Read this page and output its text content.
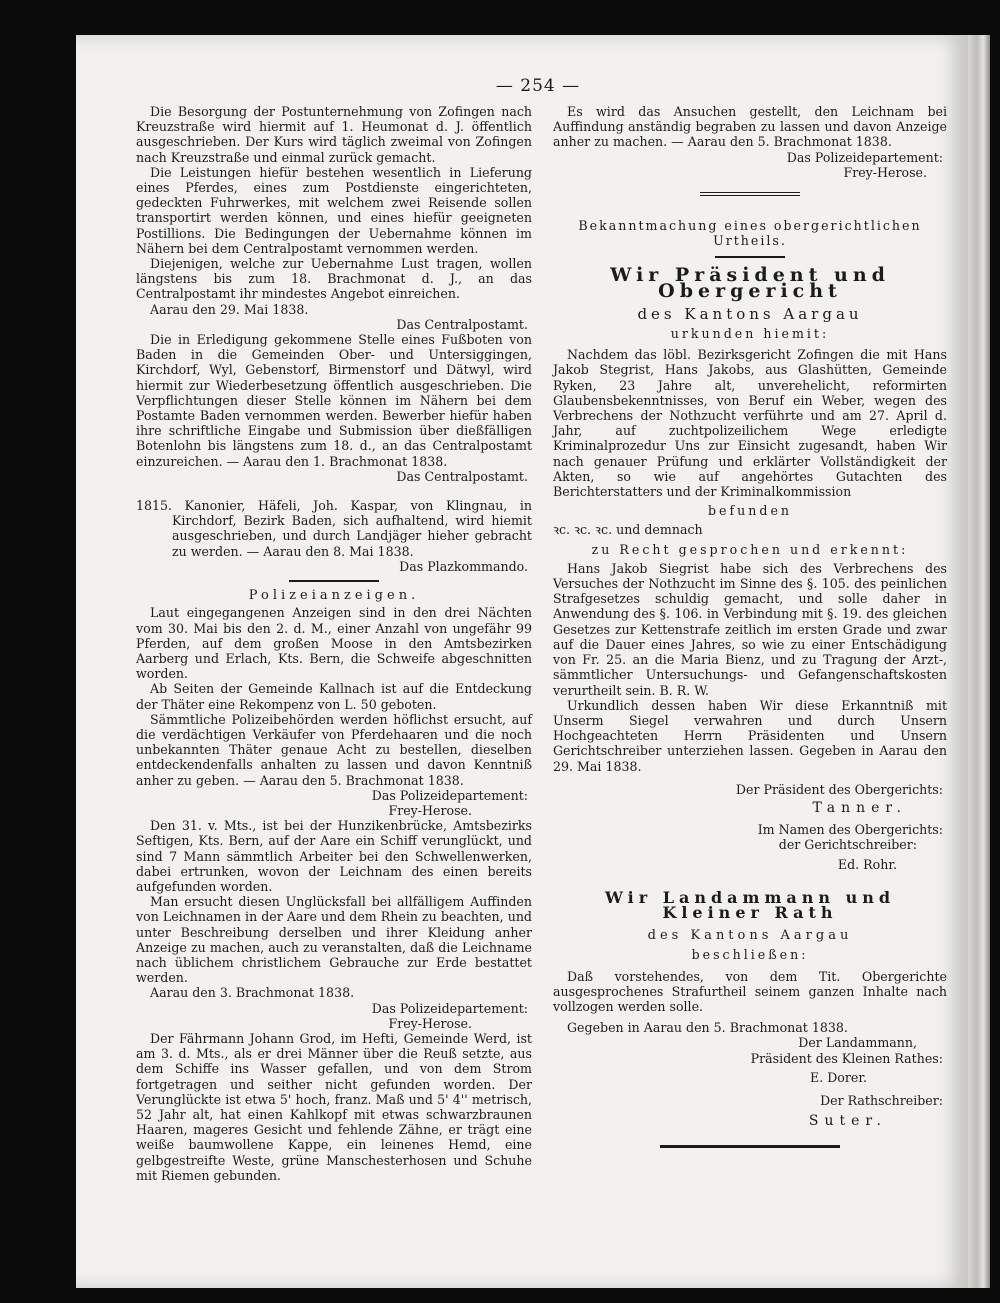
— 254 —

Die Besorgung der Postunternehmung von Zofingen nach Kreuzstraße wird hiermit auf 1. Heumonat d. J. öffentlich ausgeschrieben. Der Kurs wird täglich zweimal von Zofingen nach Kreuzstraße und einmal zurück gemacht.

Die Leistungen hiefür bestehen wesentlich in Lieferung eines Pferdes, eines zum Postdienste eingerichteten, gedeckten Fuhrwerkes, mit welchem zwei Reisende sollen transportirt werden können, und eines hiefür geeigneten Postillions. Die Bedingungen der Uebernahme können im Nähern bei dem Centralpostamt vernommen werden.

Diejenigen, welche zur Uebernahme Lust tragen, wollen längstens bis zum 18. Brachmonat d. J., an das Centralpostamt ihr mindestes Angebot einreichen.

Aarau den 29. Mai 1838.

Das Centralpostamt.

Die in Erledigung gekommene Stelle eines Fußboten von Baden in die Gemeinden Ober- und Untersiggingen, Kirchdorf, Wyl, Gebenstorf, Birmenstorf und Dätwyl, wird hiermit zur Wiederbesetzung öffentlich ausgeschrieben. Die Verpflichtungen dieser Stelle können im Nähern bei dem Postamte Baden vernommen werden. Bewerber hiefür haben ihre schriftliche Eingabe und Submission über dießfälligen Botenlohn bis längstens zum 18. d., an das Centralpostamt einzureichen. — Aarau den 1. Brachmonat 1838.

Das Centralpostamt.

1815. Kanonier, Häfeli, Joh. Kaspar, von Klingnau, in Kirchdorf, Bezirk Baden, sich aufhaltend, wird hiemit ausgeschrieben, und durch Landjäger hieher gebracht zu werden. — Aarau den 8. Mai 1838.

Das Plazkommando.

Polizeianzeigen.

Laut eingegangenen Anzeigen sind in den drei Nächten vom 30. Mai bis den 2. d. M., einer Anzahl von ungefähr 99 Pferden, auf dem großen Moose in den Amtsbezirken Aarberg und Erlach, Kts. Bern, die Schweife abgeschnitten worden.

Ab Seiten der Gemeinde Kallnach ist auf die Entdeckung der Thäter eine Rekompenz von L. 50 geboten.

Sämmtliche Polizeibehörden werden höflichst ersucht, auf die verdächtigen Verkäufer von Pferdehaaren und die noch unbekannten Thäter genaue Acht zu bestellen, dieselben entdeckendenfalls anhalten zu lassen und davon Kenntniß anher zu geben. — Aarau den 5. Brachmonat 1838.

Das Polizeidepartement:

Frey-Herose.

Den 31. v. Mts., ist bei der Hunzikenbrücke, Amtsbezirks Seftigen, Kts. Bern, auf der Aare ein Schiff verunglückt, und sind 7 Mann sämmtlich Arbeiter bei den Schwellenwerken, dabei ertrunken, wovon der Leichnam des einen bereits aufgefunden worden.

Man ersucht diesen Unglücksfall bei allfälligem Auffinden von Leichnamen in der Aare und dem Rhein zu beachten, und unter Beschreibung derselben und ihrer Kleidung anher Anzeige zu machen, auch zu veranstalten, daß die Leichname nach üblichem christlichem Gebrauche zur Erde bestattet werden.

Aarau den 3. Brachmonat 1838.

Das Polizeidepartement:

Frey-Herose.

Der Fährmann Johann Grod, im Hefti, Gemeinde Werd, ist am 3. d. Mts., als er drei Männer über die Reuß setzte, aus dem Schiffe ins Wasser gefallen, und von dem Strom fortgetragen und seither nicht gefunden worden. Der Verunglückte ist etwa 5' hoch, franz. Maß und 5' 4'' metrisch, 52 Jahr alt, hat einen Kahlkopf mit etwas schwarzbraunen Haaren, mageres Gesicht und fehlende Zähne, er trägt eine weiße baumwollene Kappe, ein leinenes Hemd, eine gelbgestreifte Weste, grüne Manschesterhosen und Schuhe mit Riemen gebunden.

Es wird das Ansuchen gestellt, den Leichnam bei Auffindung anständig begraben zu lassen und davon Anzeige anher zu machen. — Aarau den 5. Brachmonat 1838.

Das Polizeidepartement:

Frey-Herose.

Bekanntmachung eines obergerichtlichen Urtheils.
Wir Präsident und Obergericht
des Kantons Aargau
urkunden hiemit:

Nachdem das löbl. Bezirksgericht Zofingen die mit Hans Jakob Stegrist, Hans Jakobs, aus Glashütten, Gemeinde Ryken, 23 Jahre alt, unverehelicht, reformirten Glaubensbekenntnisses, von Beruf ein Weber, wegen des Verbrechens der Nothzucht verführte und am 27. April d. Jahr, auf zuchtpolizeilichem Wege erledigte Kriminalprozedur Uns zur Einsicht zugesandt, haben Wir nach genauer Prüfung und erklärter Vollständigkeit der Akten, so wie auf angehörtes Gutachten des Berichterstatters und der Kriminalkommission

befunden

ꝛc. ꝛc. ꝛc. und demnach

zu Recht gesprochen und erkennt:

Hans Jakob Siegrist habe sich des Verbrechens des Versuches der Nothzucht im Sinne des §. 105. des peinlichen Strafgesetzes schuldig gemacht, und solle daher in Anwendung des §. 106. in Verbindung mit §. 19. des gleichen Gesetzes zur Kettenstrafe zeitlich im ersten Grade und zwar auf die Dauer eines Jahres, so wie zu einer Entschädigung von Fr. 25. an die Maria Bienz, und zu Tragung der Arzt-, sämmtlicher Untersuchungs- und Gefangenschaftskosten verurtheilt sein. B. R. W.

Urkundlich dessen haben Wir diese Erkanntniß mit Unserm Siegel verwahren und durch Unsern Hochgeachteten Herrn Präsidenten und Unsern Gerichtschreiber unterziehen lassen. Gegeben in Aarau den 29. Mai 1838.

Der Präsident des Obergerichts:

Tanner.

Im Namen des Obergerichts:

der Gerichtschreiber:

Ed. Rohr.

Wir Landammann und Kleiner Rath
des Kantons Aargau
beschließen:

Daß vorstehendes, von dem Tit. Obergerichte ausgesprochenes Strafurtheil seinem ganzen Inhalte nach vollzogen werden solle.

Gegeben in Aarau den 5. Brachmonat 1838.

Der Landammann,

Präsident des Kleinen Rathes:

E. Dorer.

Der Rathschreiber:

Suter.
